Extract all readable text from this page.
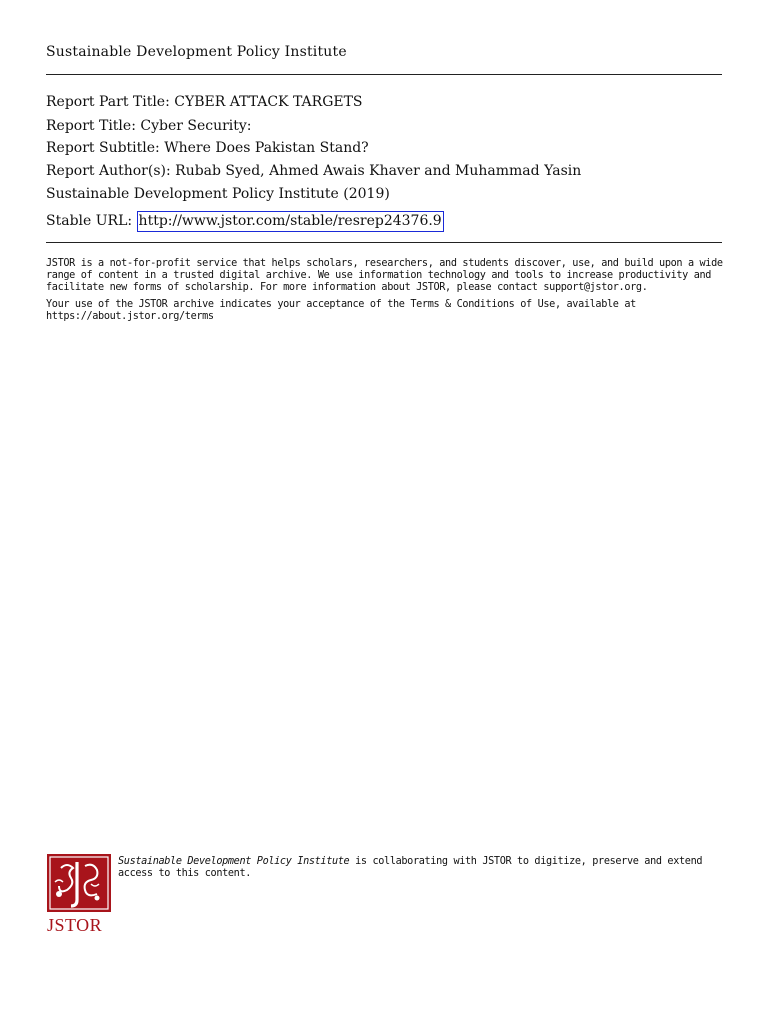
Sustainable Development Policy Institute
Report Part Title: CYBER ATTACK TARGETS
Report Title: Cyber Security:
Report Subtitle: Where Does Pakistan Stand?
Report Author(s): Rubab Syed, Ahmed Awais Khaver and Muhammad Yasin
Sustainable Development Policy Institute (2019)
Stable URL: http://www.jstor.com/stable/resrep24376.9
JSTOR is a not-for-profit service that helps scholars, researchers, and students discover, use, and build upon a wide
range of content in a trusted digital archive. We use information technology and tools to increase productivity and
facilitate new forms of scholarship. For more information about JSTOR, please contact support@jstor.org.
Your use of the JSTOR archive indicates your acceptance of the Terms & Conditions of Use, available at
https://about.jstor.org/terms
JSTOR
Sustainable Development Policy Institute is collaborating with JSTOR to digitize, preserve and extend access to this content.
